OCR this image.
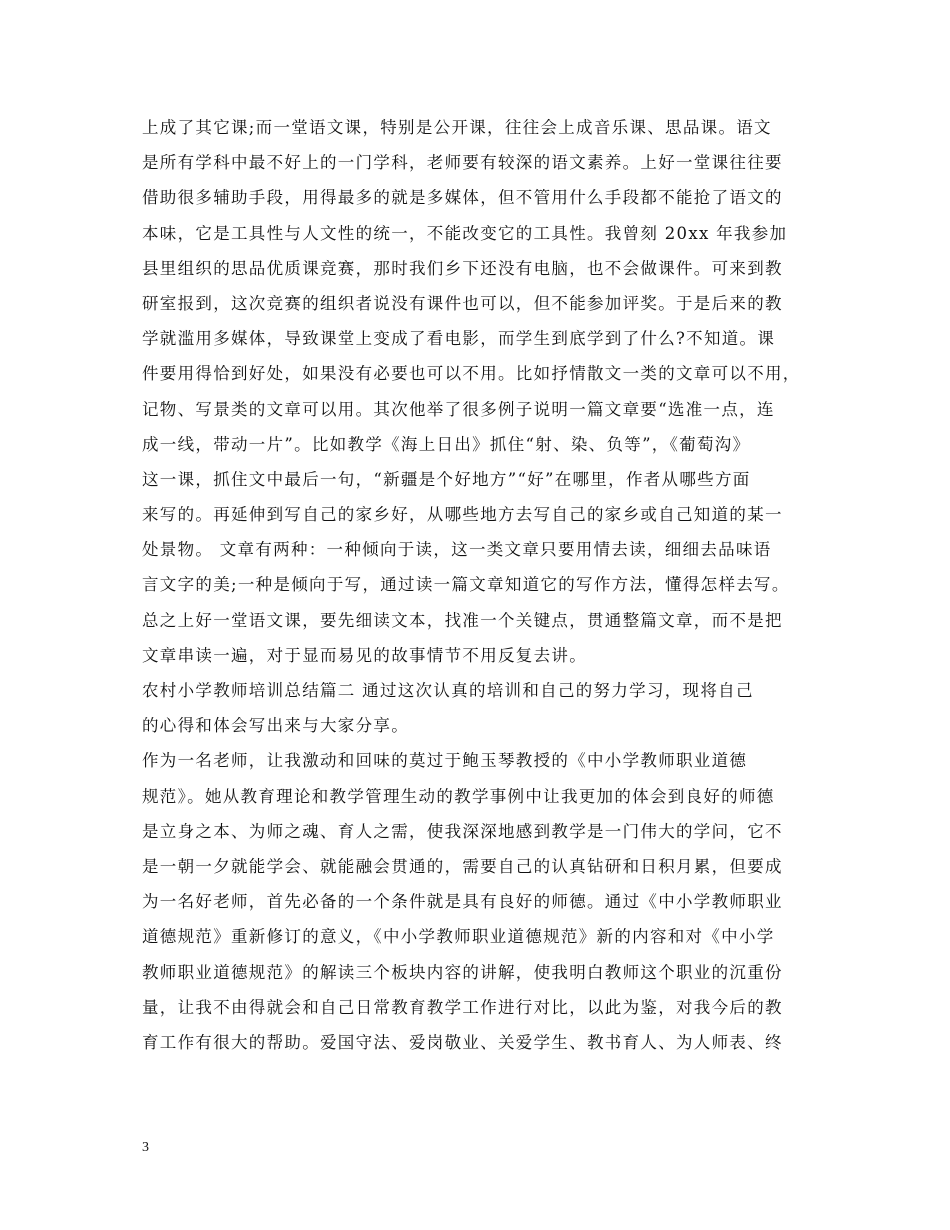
上成了其它课;而一堂语文课，特别是公开课，往往会上成音乐课、思品课。语文
是所有学科中最不好上的一门学科，老师要有较深的语文素养。上好一堂课往往要
借助很多辅助手段，用得最多的就是多媒体，但不管用什么手段都不能抢了语文的
本味，它是工具性与人文性的统一，不能改变它的工具性。我曾刻 20xx 年我参加
县里组织的思品优质课竞赛，那时我们乡下还没有电脑，也不会做课件。可来到教
研室报到，这次竞赛的组织者说没有课件也可以，但不能参加评奖。于是后来的教
学就滥用多媒体，导致课堂上变成了看电影，而学生到底学到了什么?不知道。课
件要用得恰到好处，如果没有必要也可以不用。比如抒情散文一类的文章可以不用，
记物、写景类的文章可以用。其次他举了很多例子说明一篇文章要“选准一点，连
成一线，带动一片”。比如教学《海上日出》抓住“射、染、负等”，《葡萄沟》
这一课，抓住文中最后一句，“新疆是个好地方”“好”在哪里，作者从哪些方面
来写的。再延伸到写自己的家乡好，从哪些地方去写自己的家乡或自己知道的某一
处景物。 文章有两种：一种倾向于读，这一类文章只要用情去读，细细去品味语
言文字的美;一种是倾向于写，通过读一篇文章知道它的写作方法，懂得怎样去写。
总之上好一堂语文课，要先细读文本，找准一个关键点，贯通整篇文章，而不是把
文章串读一遍，对于显而易见的故事情节不用反复去讲。
农村小学教师培训总结篇二 通过这次认真的培训和自己的努力学习，现将自己
的心得和体会写出来与大家分享。
作为一名老师，让我激动和回味的莫过于鲍玉琴教授的《中小学教师职业道德
规范》。她从教育理论和教学管理生动的教学事例中让我更加的体会到良好的师德
是立身之本、为师之魂、育人之需，使我深深地感到教学是一门伟大的学问，它不
是一朝一夕就能学会、就能融会贯通的，需要自己的认真钻研和日积月累，但要成
为一名好老师，首先必备的一个条件就是具有良好的师德。通过《中小学教师职业
道德规范》重新修订的意义，《中小学教师职业道德规范》新的内容和对《中小学
教师职业道德规范》的解读三个板块内容的讲解，使我明白教师这个职业的沉重份
量，让我不由得就会和自己日常教育教学工作进行对比，以此为鉴，对我今后的教
育工作有很大的帮助。爱国守法、爱岗敬业、关爱学生、教书育人、为人师表、终
3
